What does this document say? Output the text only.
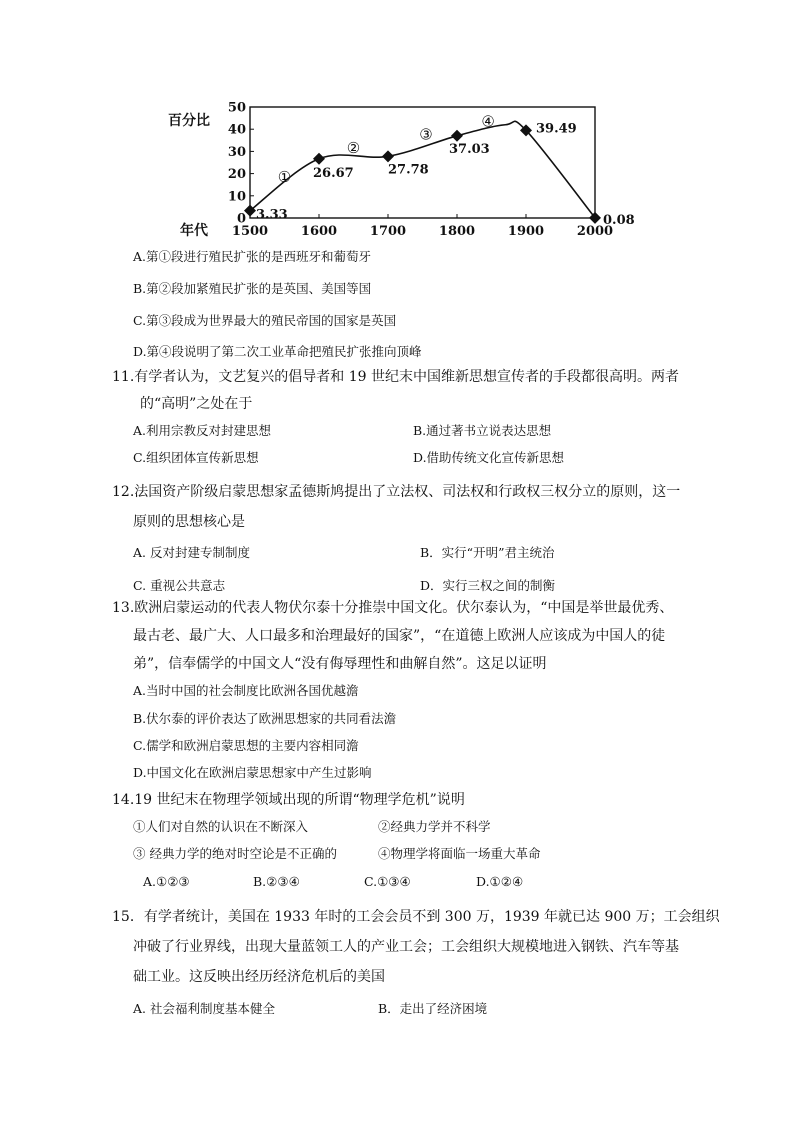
0
10
20
30
40
50
1500	1600	1700	1800	1900	2000
百分比
年代
3.33
26.67	27.78
37.03
39.49
0.08
①
②
③
④
A.第①段进行殖民扩张的是西班牙和葡萄牙
B.第②段加紧殖民扩张的是英国、美国等国
C.第③段成为世界最大的殖民帝国的国家是英国
D.第④段说明了第二次工业革命把殖民扩张推向顶峰
11.有学者认为，文艺复兴的倡导者和 19 世纪末中国维新思想宣传者的手段都很高明。两者
的“高明”之处在于
A.利用宗教反对封建思想	B.通过著书立说表达思想
C.组织团体宣传新思想	D.借助传统文化宣传新思想
12.法国资产阶级启蒙思想家孟德斯鸠提出了立法权、司法权和行政权三权分立的原则，这一
原则的思想核心是
A. 反对封建专制制度	B．实行“开明”君主统治
C. 重视公共意志	D．实行三权之间的制衡
13.欧洲启蒙运动的代表人物伏尔泰十分推崇中国文化。伏尔泰认为，“中国是举世最优秀、
最古老、最广大、人口最多和治理最好的国家”，“在道德上欧洲人应该成为中国人的徒
弟”，信奉儒学的中国文人“没有侮辱理性和曲解自然”。这足以证明
A.当时中国的社会制度比欧洲各国优越澹
B.伏尔泰的评价表达了欧洲思想家的共同看法澹
C.儒学和欧洲启蒙思想的主要内容相同澹
D.中国文化在欧洲启蒙思想家中产生过影响
14.19 世纪末在物理学领域出现的所谓“物理学危机”说明
①人们对自然的认识在不断深入	②经典力学并不科学
③ 经典力学的绝对时空论是不正确的	④物理学将面临一场重大革命
A.①②③	B.②③④	C.①③④	D.①②④
15．有学者统计，美国在 1933 年时的工会会员不到 300 万，1939 年就已达 900 万；工会组织
冲破了行业界线，出现大量蓝领工人的产业工会；工会组织大规模地进入钢铁、汽车等基
础工业。这反映出经历经济危机后的美国
A. 社会福利制度基本健全	B．走出了经济困境
